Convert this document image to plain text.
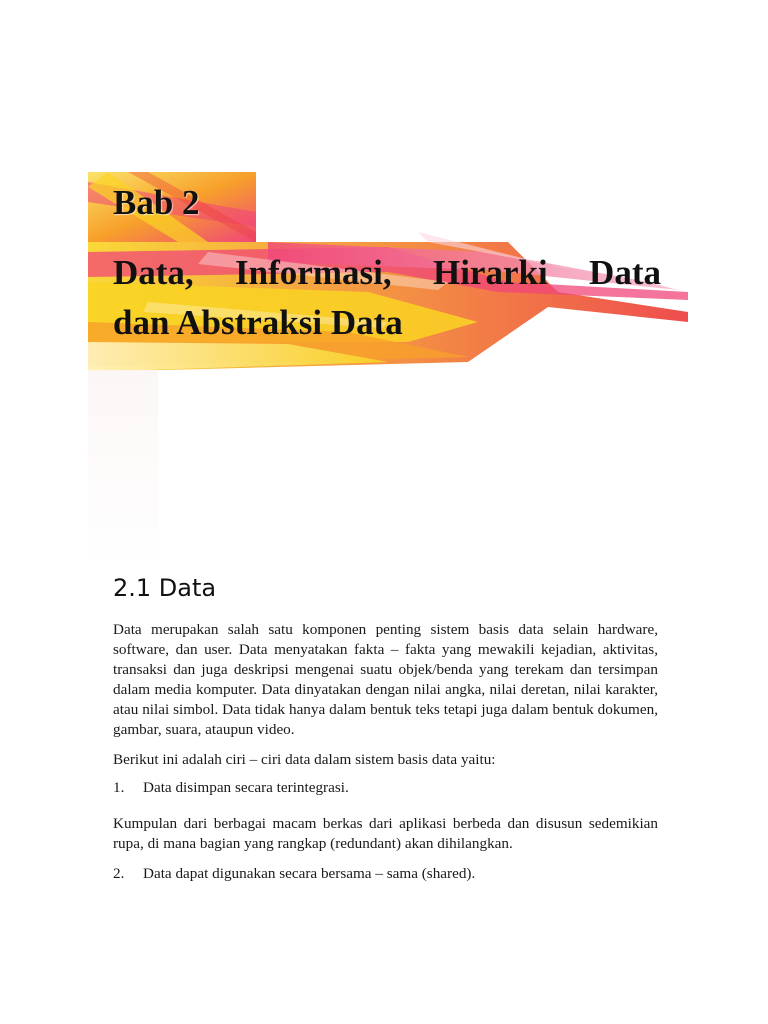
Bab 2
Data, Informasi, Hirarki Data
dan Abstraksi Data
2.1 Data

Data merupakan salah satu komponen penting sistem basis data selain hardware, software, dan user. Data menyatakan fakta – fakta yang mewakili kejadian, aktivitas, transaksi dan juga deskripsi mengenai suatu objek/benda yang terekam dan tersimpan dalam media komputer. Data dinyatakan dengan nilai angka, nilai deretan, nilai karakter, atau nilai simbol. Data tidak hanya dalam bentuk teks tetapi juga dalam bentuk dokumen, gambar, suara, ataupun video.

Berikut ini adalah ciri – ciri data dalam sistem basis data yaitu:

1.	Data disimpan secara terintegrasi.

Kumpulan dari berbagai macam berkas dari aplikasi berbeda dan disusun sedemikian rupa, di mana bagian yang rangkap (redundant) akan dihilangkan.

2.	Data dapat digunakan secara bersama – sama (shared).
